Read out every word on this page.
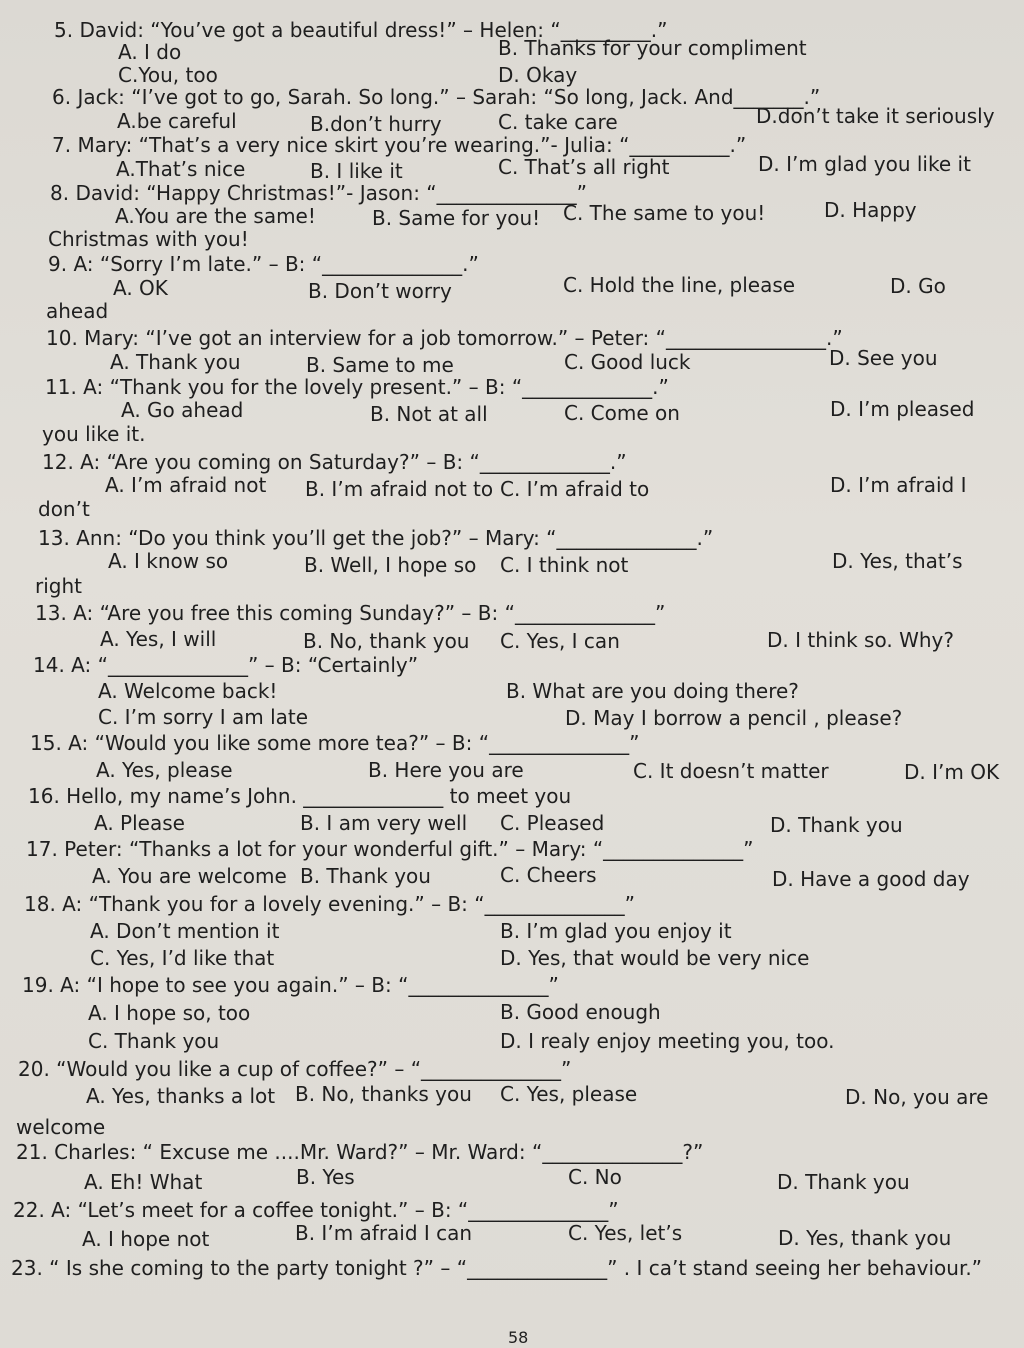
5. David: “You’ve got a beautiful dress!” – Helen: “_________.”
A. I do	B. Thanks for your compliment
C.You, too	D. Okay
6. Jack: “I’ve got to go, Sarah. So long.” – Sarah: “So long, Jack. And_______.”
A.be careful	B.don’t hurry	C. take care	D.don’t take it seriously
7. Mary: “That’s a very nice skirt you’re wearing.”- Julia: “__________.”
A.That’s nice	B. I like it	C. That’s all right	D. I’m glad you like it
8. David: “Happy Christmas!”- Jason: “______________”
A.You are the same!	B. Same for you! C. The same to you!	D. Happy
Christmas with you!
9. A: “Sorry I’m late.” – B: “______________.”
A. OK	B. Don’t worry	C. Hold the line, please	D. Go
ahead
10. Mary: “I’ve got an interview for a job tomorrow.” – Peter: “________________.”
A. Thank you	B. Same to me	C. Good luck	D. See you
11. A: “Thank you for the lovely present.” – B: “_____________.”
A. Go ahead	B. Not at all	C. Come on	D. I’m pleased
you like it.
12. A: “Are you coming on Saturday?” – B: “_____________.”
A. I’m afraid not B. I’m afraid not to C. I’m afraid to	D. I’m afraid I
don’t
13. Ann: “Do you think you’ll get the job?” – Mary: “______________.”
A. I know so	B. Well, I hope so C. I think not	D. Yes, that’s
right
13. A: “Are you free this coming Sunday?” – B: “______________”
A. Yes, I will	B. No, thank you C. Yes, I can	D. I think so. Why?
14. A: “______________” – B: “Certainly”
A. Welcome back!	B. What are you doing there?
C. I’m sorry I am late	D. May I borrow a pencil , please?
15. A: “Would you like some more tea?” – B: “______________”
A. Yes, please	B. Here you are	C. It doesn’t matter	D. I’m OK
16. Hello, my name’s John. ______________ to meet you
A. Please	B. I am very well C. Pleased	D. Thank you
17. Peter: “Thanks a lot for your wonderful gift.” – Mary: “______________”
A. You are welcome B. Thank you	C. Cheers	D. Have a good day
18. A: “Thank you for a lovely evening.” – B: “______________”
A. Don’t mention it	B. I’m glad you enjoy it
C. Yes, I’d like that	D. Yes, that would be very nice
19. A: “I hope to see you again.” – B: “______________”
A. I hope so, too	B. Good enough
C. Thank you	D. I realy enjoy meeting you, too.
20. “Would you like a cup of coffee?” – “______________”
A. Yes, thanks a lot B. No, thanks you C. Yes, please	D. No, you are
welcome
21. Charles: “ Excuse me ....Mr. Ward?” – Mr. Ward: “______________?”
A. Eh! What	B. Yes	C. No	D. Thank you
22. A: “Let’s meet for a coffee tonight.” – B: “______________”
A. I hope not	B. I’m afraid I can	C. Yes, let’s	D. Yes, thank you
23. “ Is she coming to the party tonight ?” – “______________” . I ca’t stand seeing her behaviour.”
58
